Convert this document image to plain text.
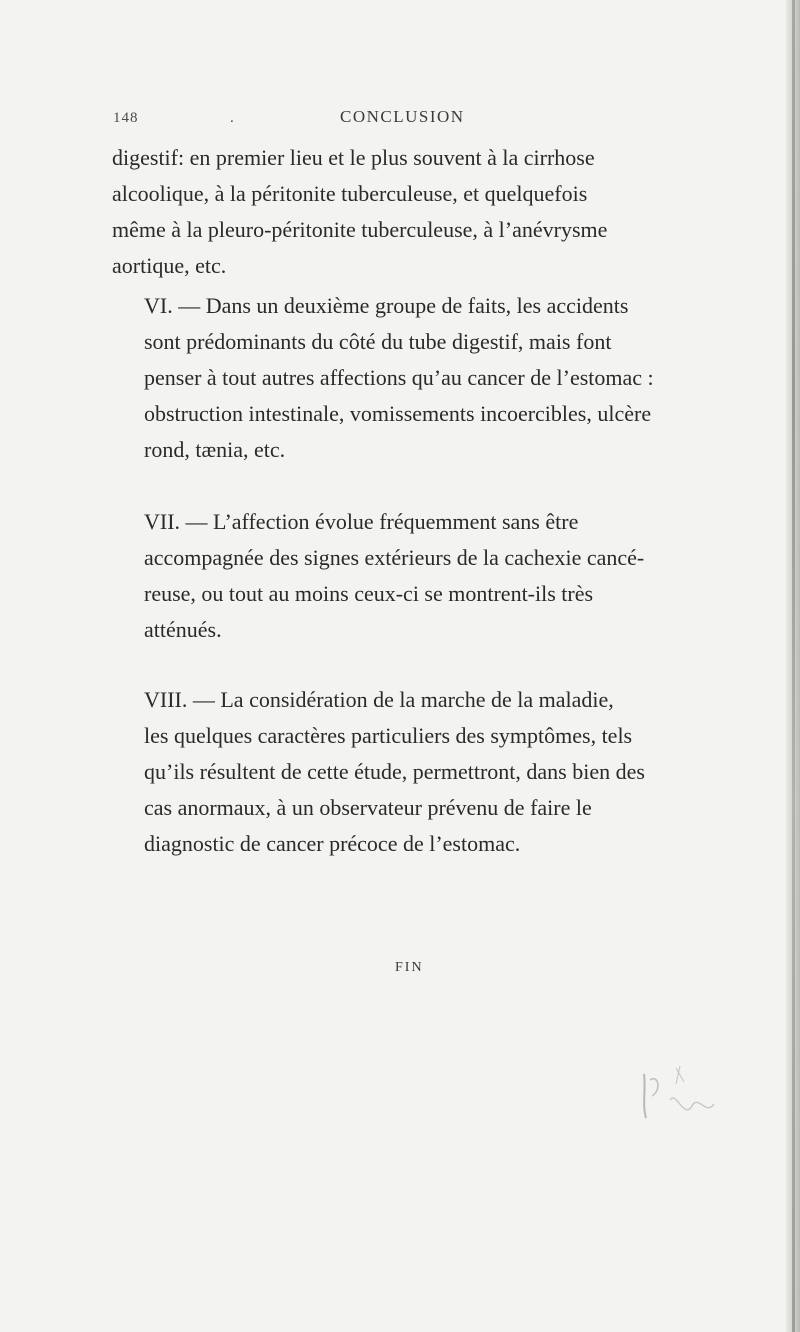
148	.	CONCLUSION
digestif: en premier lieu et le plus souvent à la cirrhose
alcoolique, à la péritonite tuberculeuse, et quelquefois
même à la pleuro-péritonite tuberculeuse, à l’anévrysme
aortique, etc.
VI. — Dans un deuxième groupe de faits, les accidents
sont prédominants du côté du tube digestif, mais font
penser à tout autres affections qu’au cancer de l’estomac :
obstruction intestinale, vomissements incoercibles, ulcère
rond, tænia, etc.
VII. — L’affection évolue fréquemment sans être
accompagnée des signes extérieurs de la cachexie cancé-
reuse, ou tout au moins ceux-ci se montrent-ils très
atténués.
VIII. — La considération de la marche de la maladie,
les quelques caractères particuliers des symptômes, tels
qu’ils résultent de cette étude, permettront, dans bien des
cas anormaux, à un observateur prévenu de faire le
diagnostic de cancer précoce de l’estomac.
FIN
